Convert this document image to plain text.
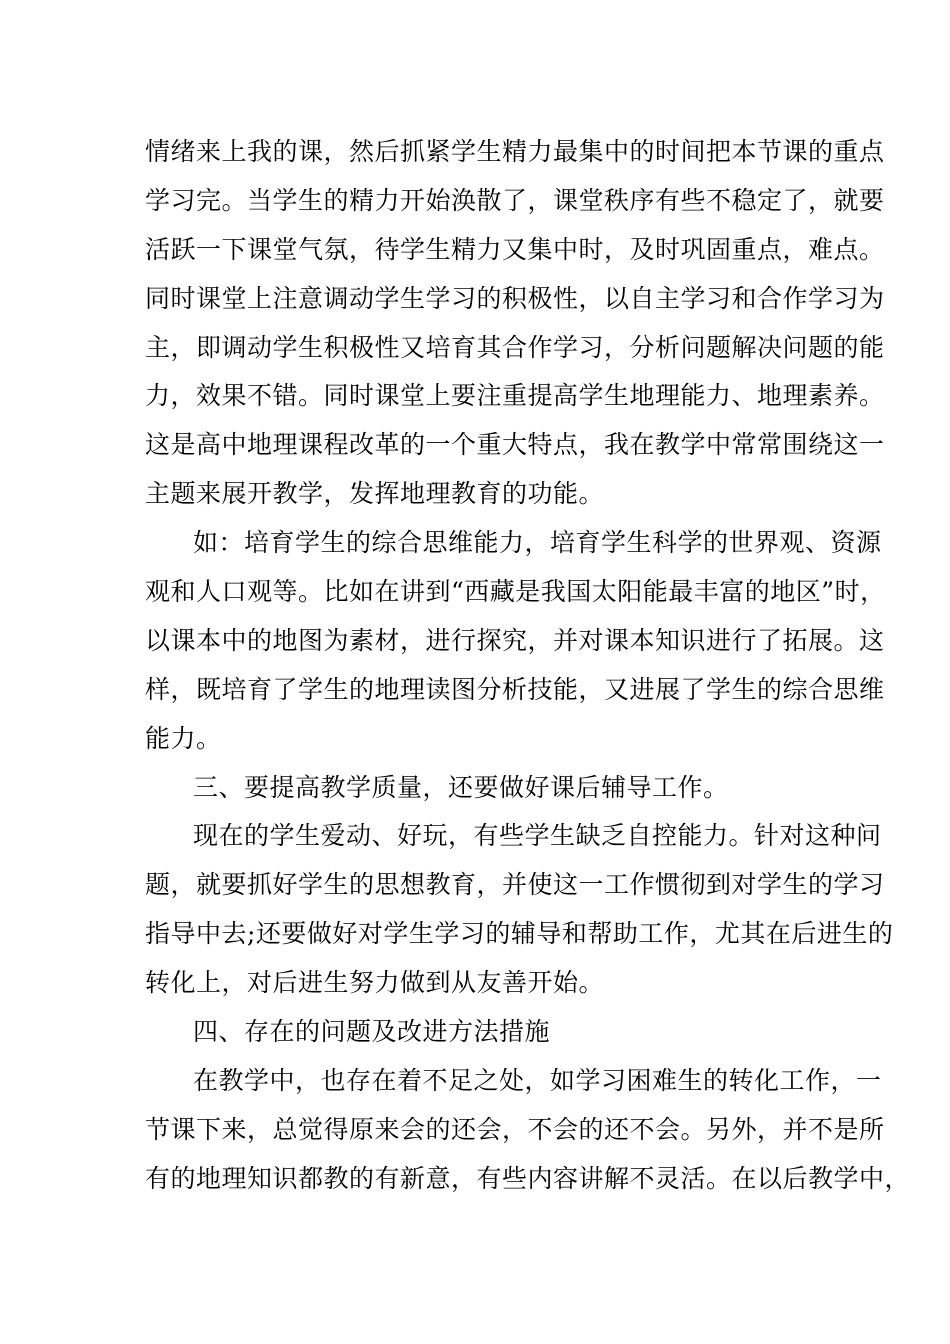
情绪来上我的课，然后抓紧学生精力最集中的时间把本节课的重点
学习完。当学生的精力开始涣散了，课堂秩序有些不稳定了，就要
活跃一下课堂气氛，待学生精力又集中时，及时巩固重点，难点。
同时课堂上注意调动学生学习的积极性，以自主学习和合作学习为
主，即调动学生积极性又培育其合作学习，分析问题解决问题的能
力，效果不错。同时课堂上要注重提高学生地理能力、地理素养。
这是高中地理课程改革的一个重大特点，我在教学中常常围绕这一
主题来展开教学，发挥地理教育的功能。
如：培育学生的综合思维能力，培育学生科学的世界观、资源
观和人口观等。比如在讲到“西藏是我国太阳能最丰富的地区”时，
以课本中的地图为素材，进行探究，并对课本知识进行了拓展。这
样，既培育了学生的地理读图分析技能，又进展了学生的综合思维
能力。
三、要提高教学质量，还要做好课后辅导工作。
现在的学生爱动、好玩，有些学生缺乏自控能力。针对这种问
题，就要抓好学生的思想教育，并使这一工作惯彻到对学生的学习
指导中去;还要做好对学生学习的辅导和帮助工作，尤其在后进生的
转化上，对后进生努力做到从友善开始。
四、存在的问题及改进方法措施
在教学中，也存在着不足之处，如学习困难生的转化工作，一
节课下来，总觉得原来会的还会，不会的还不会。另外，并不是所
有的地理知识都教的有新意，有些内容讲解不灵活。在以后教学中，
